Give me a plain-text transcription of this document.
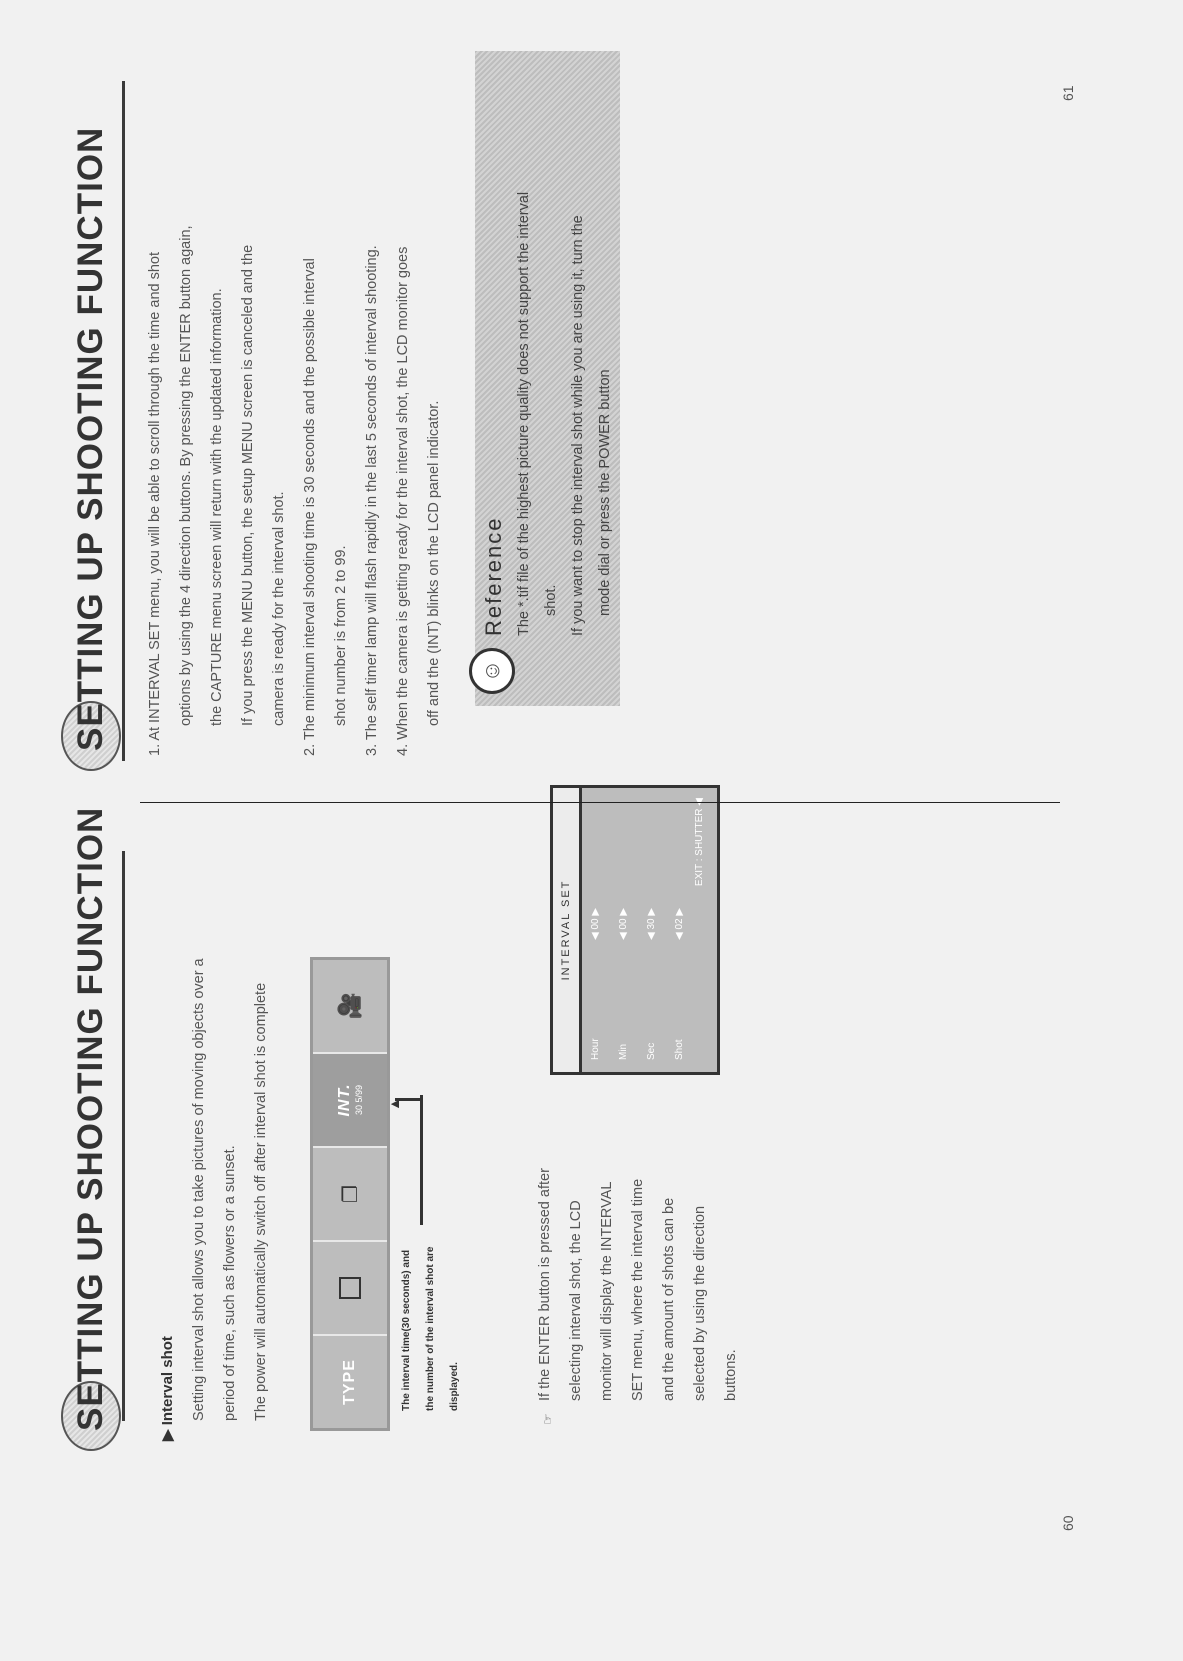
SETTING UP SHOOTING FUNCTION
▶ Interval shot	Setting interval shot allows you to take pictures of moving objects over a	period of time, such as flowers or a sunset.	The power will automatically switch off after interval shot is complete	TYPE
❐
INT. 30 5/99
🎥
▲
The interval time(30 seconds) and	the number of the interval shot are	displayed.
INTERVAL SET
Hour
◀ 00 ▶
Min
◀ 00 ▶
Sec
◀ 30 ▶
Shot
◀ 02 ▶
EXIT : SHUTTER
☞
If the ENTER button is pressed after	selecting interval shot, the LCD	monitor will display the INTERVAL	SET menu, where the interval time	and the amount of shots can be	selected by using the direction	buttons.
60
SETTING UP SHOOTING FUNCTION	1. At INTERVAL SET menu, you will be able to scroll through the time and shot	options by using the 4 direction buttons. By pressing the ENTER button again,	the CAPTURE menu screen will return with the updated information.	If you press the MENU button, the setup MENU screen is canceled and the	camera is ready for the interval shot.	2. The minimum interval shooting time is 30 seconds and the possible interval	shot number is from 2 to 99.	3. The self timer lamp will flash rapidly in the last 5 seconds of interval shooting.	4. When the camera is getting ready for the interval shot, the LCD monitor goes	off and the (INT) blinks on the LCD panel indicator.	☺
Reference The *.tif file of the highest picture quality does not support the interval shot. If you want to stop the interval shot while you are using it, turn the mode dial or press the POWER button
61
